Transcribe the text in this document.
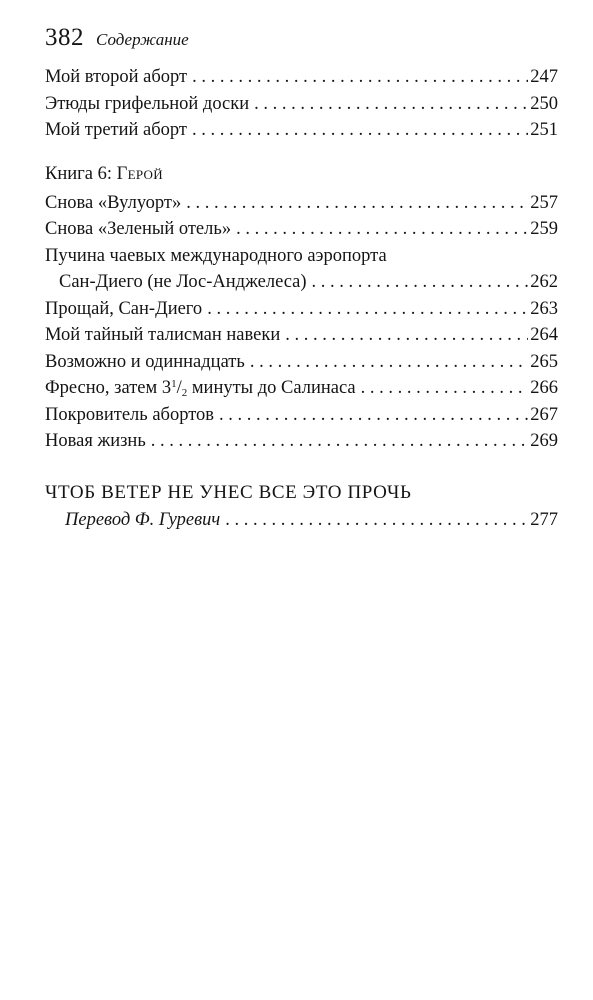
382 Содержание
Мой второй аборт . . .	247
Этюды грифельной доски . . .	250
Мой третий аборт . . .	251
Книга 6: Герой
Снова «Вулуорт» . . .	257
Снова «Зеленый отель» . . .	259
Пучина чаевых международного аэропорта
Сан-Диего (не Лос-Анджелеса) . . .	262
Прощай, Сан-Диего . . .	263
Мой тайный талисман навеки . . .	264
Возможно и одиннадцать . . .	265
Фресно, затем $3^1/_2$ минуты до Салинаса . . .	266
Покровитель абортов . . .	267
Новая жизнь . . .	269
ЧТОБ ВЕТЕР НЕ УНЕС ВСЕ ЭТО ПРОЧЬ
Перевод Ф. Гуревич . . .	277
